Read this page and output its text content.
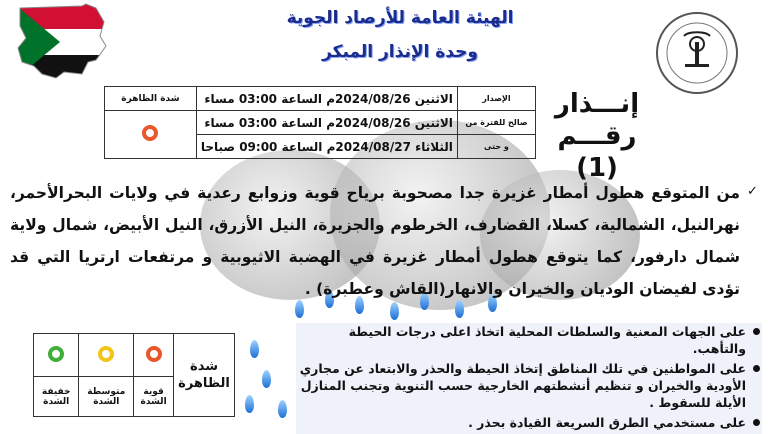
الهيئة العامة للأرصاد الجوية
وحدة الإنذار المبكر
الإصدار	الاثنين 2024/08/26م الساعة 03:00 مساء	شدة الظاهرة
صالح للفترة من	الاثنين 2024/08/26م الساعة 03:00 مساء	
و حتى	الثلاثاء 2024/08/27م الساعة 09:00 صباحا	
إنـــذار
رقـــم (1)
✓
من المتوقع هطول أمطار غزيرة جدا مصحوبة برياح قوية وزوابع رعدية في ولايات البحرالأحمر، نهرالنيل، الشمالية، كسلا، القضارف، الخرطوم والجزيرة، النيل الأزرق، النيل الأبيض، شمال ولاية شمال دارفور، كما يتوقع هطول أمطار غزيرة في الهضبة الاثيوبية و مرتفعات ارتريا التي قد تؤدى لفيضان الوديان والخيران والانهار(القاش وعطبرة) .
على الجهات المعنية والسلطات المحلية اتخاذ اعلى درجات الحيطة والتأهب.
على المواطنين في تلك المناطق إتخاذ الحيطة والحذر والابتعاد عن مجاري الأودية والخيران و تنظيم أنشطتهم الخارجية حسب التنوية وتجنب المنازل الأيلة للسقوط .
على مستخدمي الطرق السريعة القيادة بحذر .
شدة الظاهرة			
	قوية الشدة	متوسطة الشدة	خفيفة الشدة
